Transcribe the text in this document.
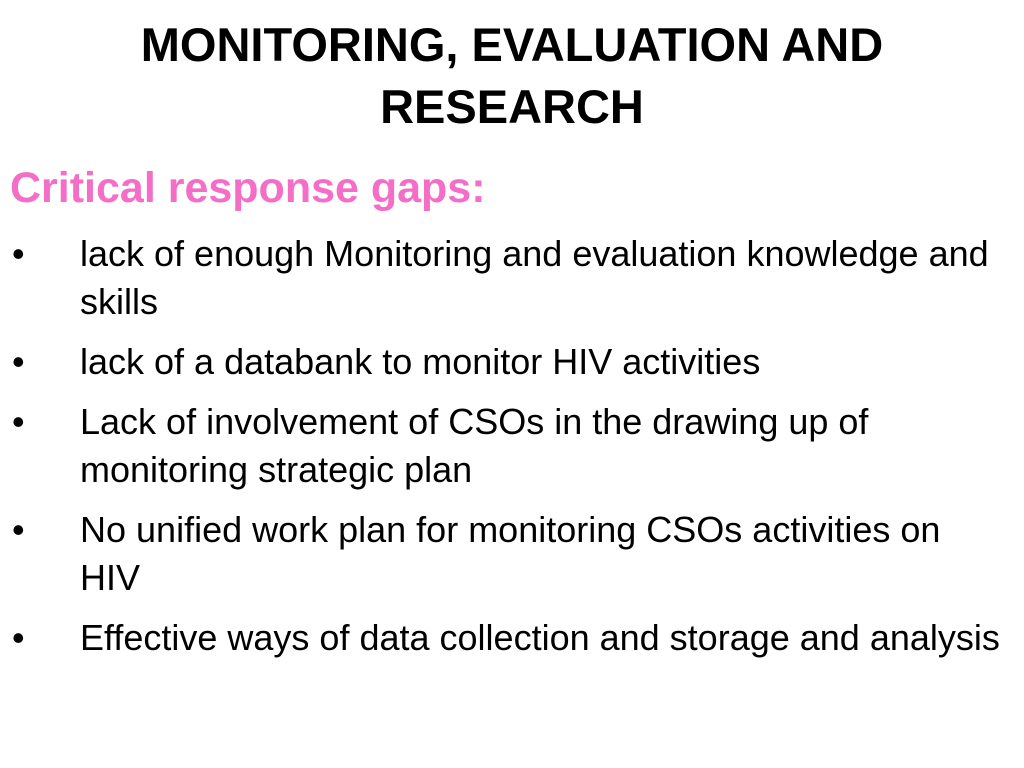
MONITORING, EVALUATION AND
RESEARCH
Critical response gaps:
• lack of enough Monitoring and evaluation knowledge and skills
• lack of a databank to monitor HIV activities
• Lack of involvement of CSOs in the drawing up of monitoring strategic plan
• No unified work plan for monitoring CSOs activities on HIV
• Effective ways of data collection and storage and analysis
